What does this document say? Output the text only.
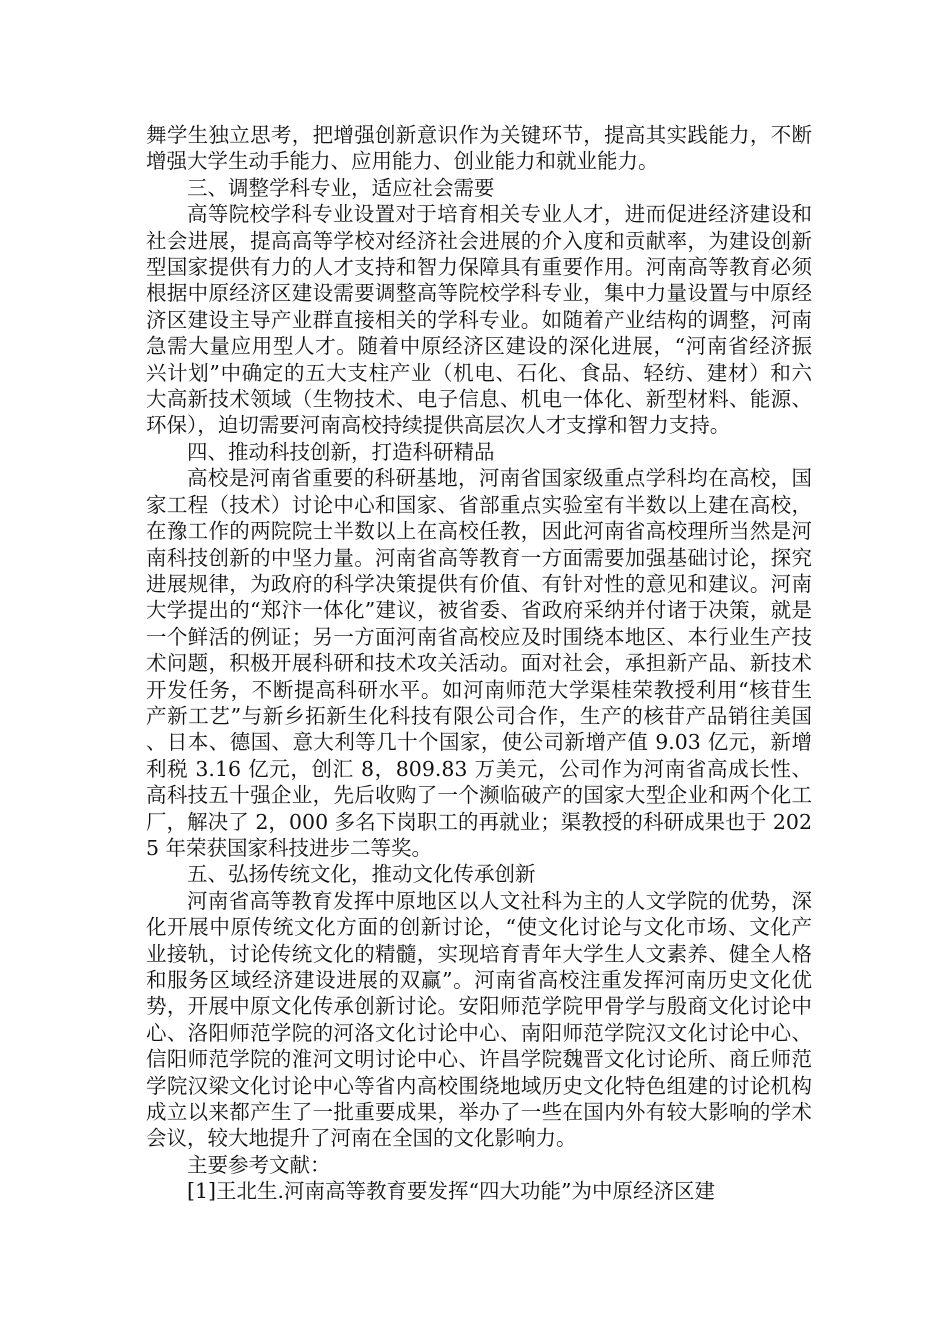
舞学生独立思考，把增强创新意识作为关键环节，提高其实践能力，不断增强大学生动手能力、应用能力、创业能力和就业能力。

三、调整学科专业，适应社会需要

高等院校学科专业设置对于培育相关专业人才，进而促进经济建设和社会进展，提高高等学校对经济社会进展的介入度和贡献率，为建设创新型国家提供有力的人才支持和智力保障具有重要作用。河南高等教育必须根据中原经济区建设需要调整高等院校学科专业，集中力量设置与中原经济区建设主导产业群直接相关的学科专业。如随着产业结构的调整，河南急需大量应用型人才。随着中原经济区建设的深化进展，“河南省经济振兴计划”中确定的五大支柱产业（机电、石化、食品、轻纺、建材）和六大高新技术领域（生物技术、电子信息、机电一体化、新型材料、能源、环保），迫切需要河南高校持续提供高层次人才支撑和智力支持。

四、推动科技创新，打造科研精品

高校是河南省重要的科研基地，河南省国家级重点学科均在高校，国家工程（技术）讨论中心和国家、省部重点实验室有半数以上建在高校，在豫工作的两院院士半数以上在高校任教，因此河南省高校理所当然是河南科技创新的中坚力量。河南省高等教育一方面需要加强基础讨论，探究进展规律，为政府的科学决策提供有价值、有针对性的意见和建议。河南大学提出的“郑汴一体化”建议，被省委、省政府采纳并付诸于决策，就是一个鲜活的例证；另一方面河南省高校应及时围绕本地区、本行业生产技术问题，积极开展科研和技术攻关活动。面对社会，承担新产品、新技术开发任务，不断提高科研水平。如河南师范大学渠桂荣教授利用“核苷生产新工艺”与新乡拓新生化科技有限公司合作，生产的核苷产品销往美国、日本、德国、意大利等几十个国家，使公司新增产值 9.03 亿元，新增利税 3.16 亿元，创汇 8，809.83 万美元，公司作为河南省高成长性、高科技五十强企业，先后收购了一个濒临破产的国家大型企业和两个化工厂，解决了 2，000 多名下岗职工的再就业；渠教授的科研成果也于 2025 年荣获国家科技进步二等奖。

五、弘扬传统文化，推动文化传承创新

河南省高等教育发挥中原地区以人文社科为主的人文学院的优势，深化开展中原传统文化方面的创新讨论，“使文化讨论与文化市场、文化产业接轨，讨论传统文化的精髓，实现培育青年大学生人文素养、健全人格和服务区域经济建设进展的双赢”。河南省高校注重发挥河南历史文化优势，开展中原文化传承创新讨论。安阳师范学院甲骨学与殷商文化讨论中心、洛阳师范学院的河洛文化讨论中心、南阳师范学院汉文化讨论中心、信阳师范学院的淮河文明讨论中心、许昌学院魏晋文化讨论所、商丘师范学院汉梁文化讨论中心等省内高校围绕地域历史文化特色组建的讨论机构成立以来都产生了一批重要成果，举办了一些在国内外有较大影响的学术会议，较大地提升了河南在全国的文化影响力。

主要参考文献：

[1]王北生.河南高等教育要发挥“四大功能”为中原经济区建
